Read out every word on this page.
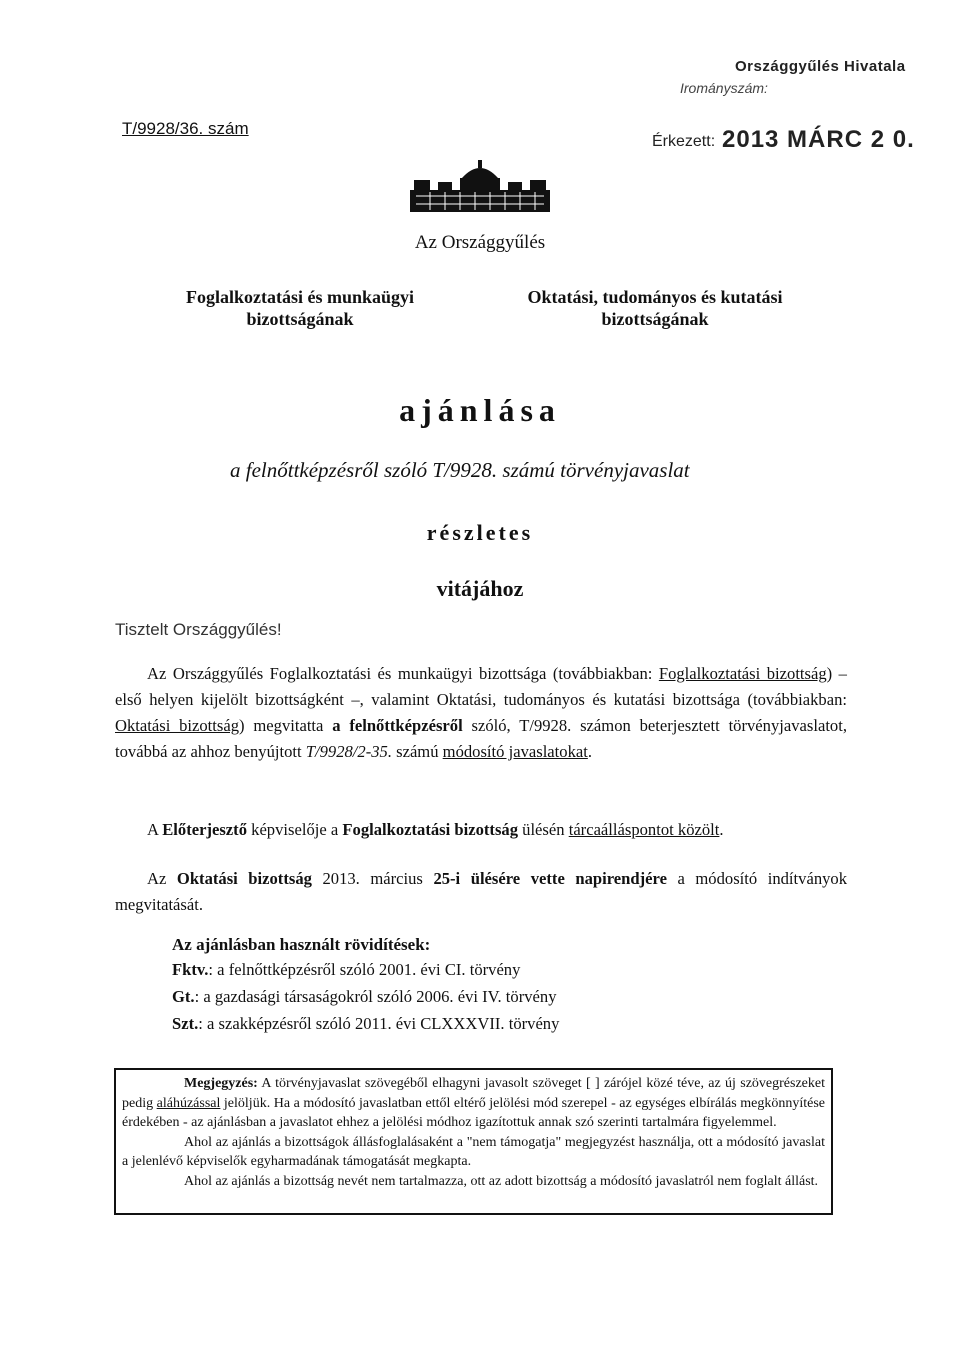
Országgyűlés Hivatala
Irományszám:
Érkezett: 2013 MÁRC 2 0.
T/9928/36. szám
Az Országgyűlés
Foglalkoztatási és munkaügyi bizottságának
Oktatási, tudományos és kutatási bizottságának
ajánlása
a felnőttképzésről szóló T/9928. számú törvényjavaslat
részletes
vitájához
Tisztelt Országgyűlés!
Az Országgyűlés Foglalkoztatási és munkaügyi bizottsága (továbbiakban: Foglalkoztatási bizottság) – első helyen kijelölt bizottságként –, valamint Oktatási, tudományos és kutatási bizottsága (továbbiakban: Oktatási bizottság) megvitatta a felnőttképzésről szóló, T/9928. számon beterjesztett törvényjavaslatot, továbbá az ahhoz benyújtott T/9928/2-35. számú módosító javaslatokat.
A Előterjesztő képviselője a Foglalkoztatási bizottság ülésén tárcaálláspontot közölt.
Az Oktatási bizottság 2013. március 25-i ülésére vette napirendjére a módosító indítványok megvitatását.
Az ajánlásban használt rövidítések:
Fktv.: a felnőttképzésről szóló 2001. évi CI. törvény
Gt.: a gazdasági társaságokról szóló 2006. évi IV. törvény
Szt.: a szakképzésről szóló 2011. évi CLXXXVII. törvény

Megjegyzés: A törvényjavaslat szövegéből elhagyni javasolt szöveget [ ] zárójel közé téve, az új szövegrészeket pedig aláhúzással jelöljük. Ha a módosító javaslatban ettől eltérő jelölési mód szerepel - az egységes elbírálás megkönnyítése érdekében - az ajánlásban a javaslatot ehhez a jelölési módhoz igazítottuk annak szó szerinti tartalmára figyelemmel.

Ahol az ajánlás a bizottságok állásfoglalásaként a "nem támogatja" megjegyzést használja, ott a módosító javaslat a jelenlévő képviselők egyharmadának támogatását megkapta.

Ahol az ajánlás a bizottság nevét nem tartalmazza, ott az adott bizottság a módosító javaslatról nem foglalt állást.
